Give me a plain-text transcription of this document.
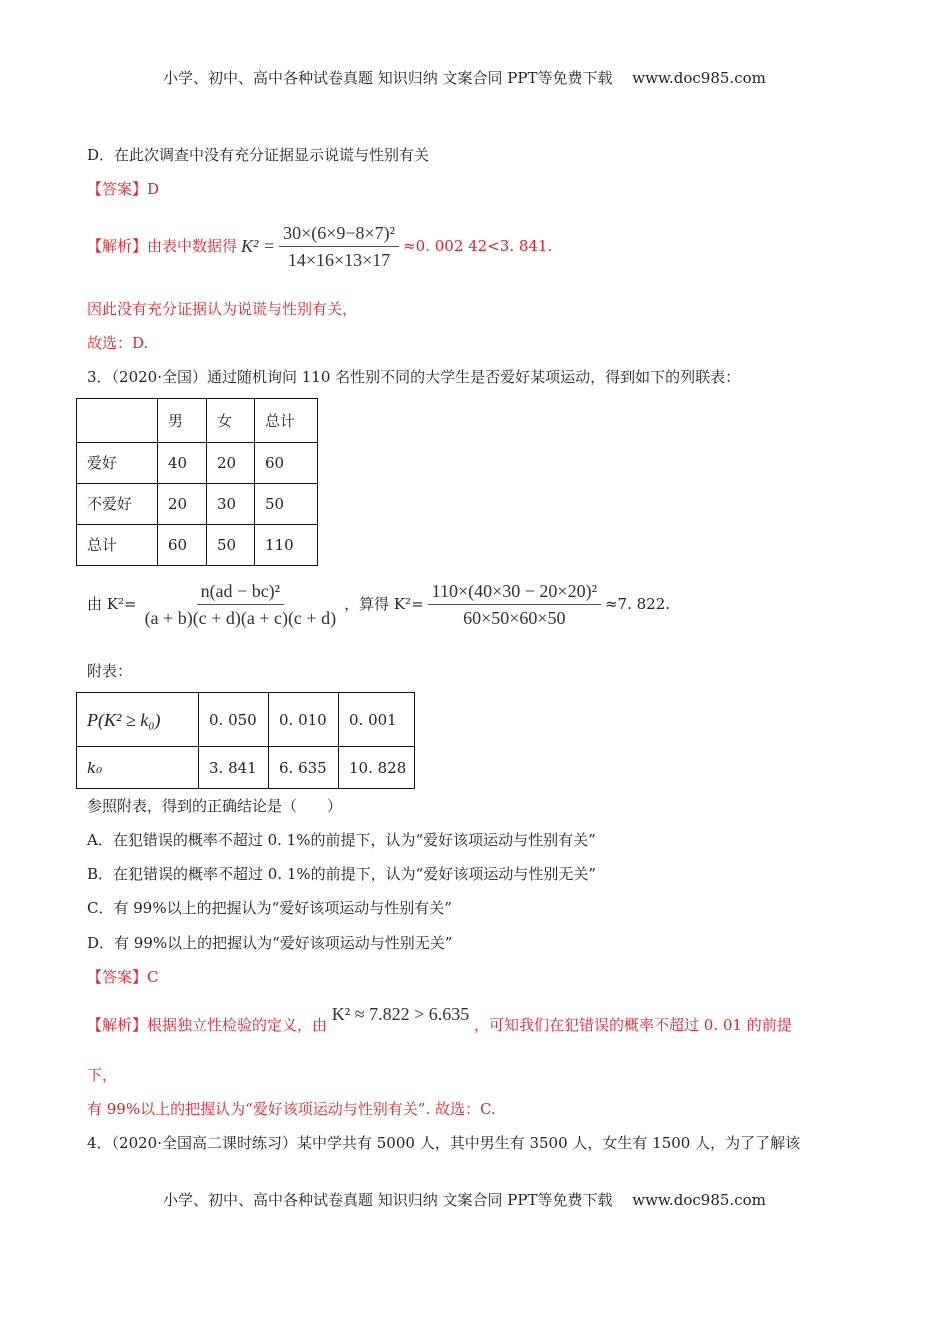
小学、初中、高中各种试卷真题 知识归纳 文案合同 PPT等免费下载　 www.doc985.com
D．在此次调查中没有充分证据显示说谎与性别有关
【答案】D
【解析】由表中数据得 $K^2 = \frac{\text{30×(6×9−8×7)²}}{14\times 16\times 13\times 17} \approx 0$. 002 42<3. 841.
因此没有充分证据认为说谎与性别有关，
故选：D.
3．（2020·全国）通过随机询问 110 名性别不同的大学生是否爱好某项运动，得到如下的列联表：
	男	女	总计
爱好	40	20	60
不爱好	20	30	50
总计	60	50	110
由 $K^2= \frac{\text{n(ad − bc)²}}{(a + b)(c + d)(a + c)(c + d)}$ ，算得 $K^2= \frac{\text{110×(40×30 − 20×20)²}}{60\times 50\times 60\times 50} \approx 7$. 822.
附表：
P(K² ≥ k₀)	0. 050	0. 010	0. 001
k₀	3. 841	6. 635	10. 828
参照附表，得到的正确结论是（　　）
A．在犯错误的概率不超过 0. 1%的前提下，认为“爱好该项运动与性别有关”
B．在犯错误的概率不超过 0. 1%的前提下，认为“爱好该项运动与性别无关”
C．有 99%以上的把握认为“爱好该项运动与性别有关”
D．有 99%以上的把握认为“爱好该项运动与性别无关”
【答案】C
【解析】根据独立性检验的定义，由 K² ≈ 7.822 > 6.635 ，可知我们在犯错误的概率不超过 0. 01 的前提
下，
有 99%以上的把握认为“爱好该项运动与性别有关”. 故选：C.
4．（2020·全国高二课时练习）某中学共有 5000 人，其中男生有 3500 人，女生有 1500 人，为了了解该
小学、初中、高中各种试卷真题 知识归纳 文案合同 PPT等免费下载　 www.doc985.com
